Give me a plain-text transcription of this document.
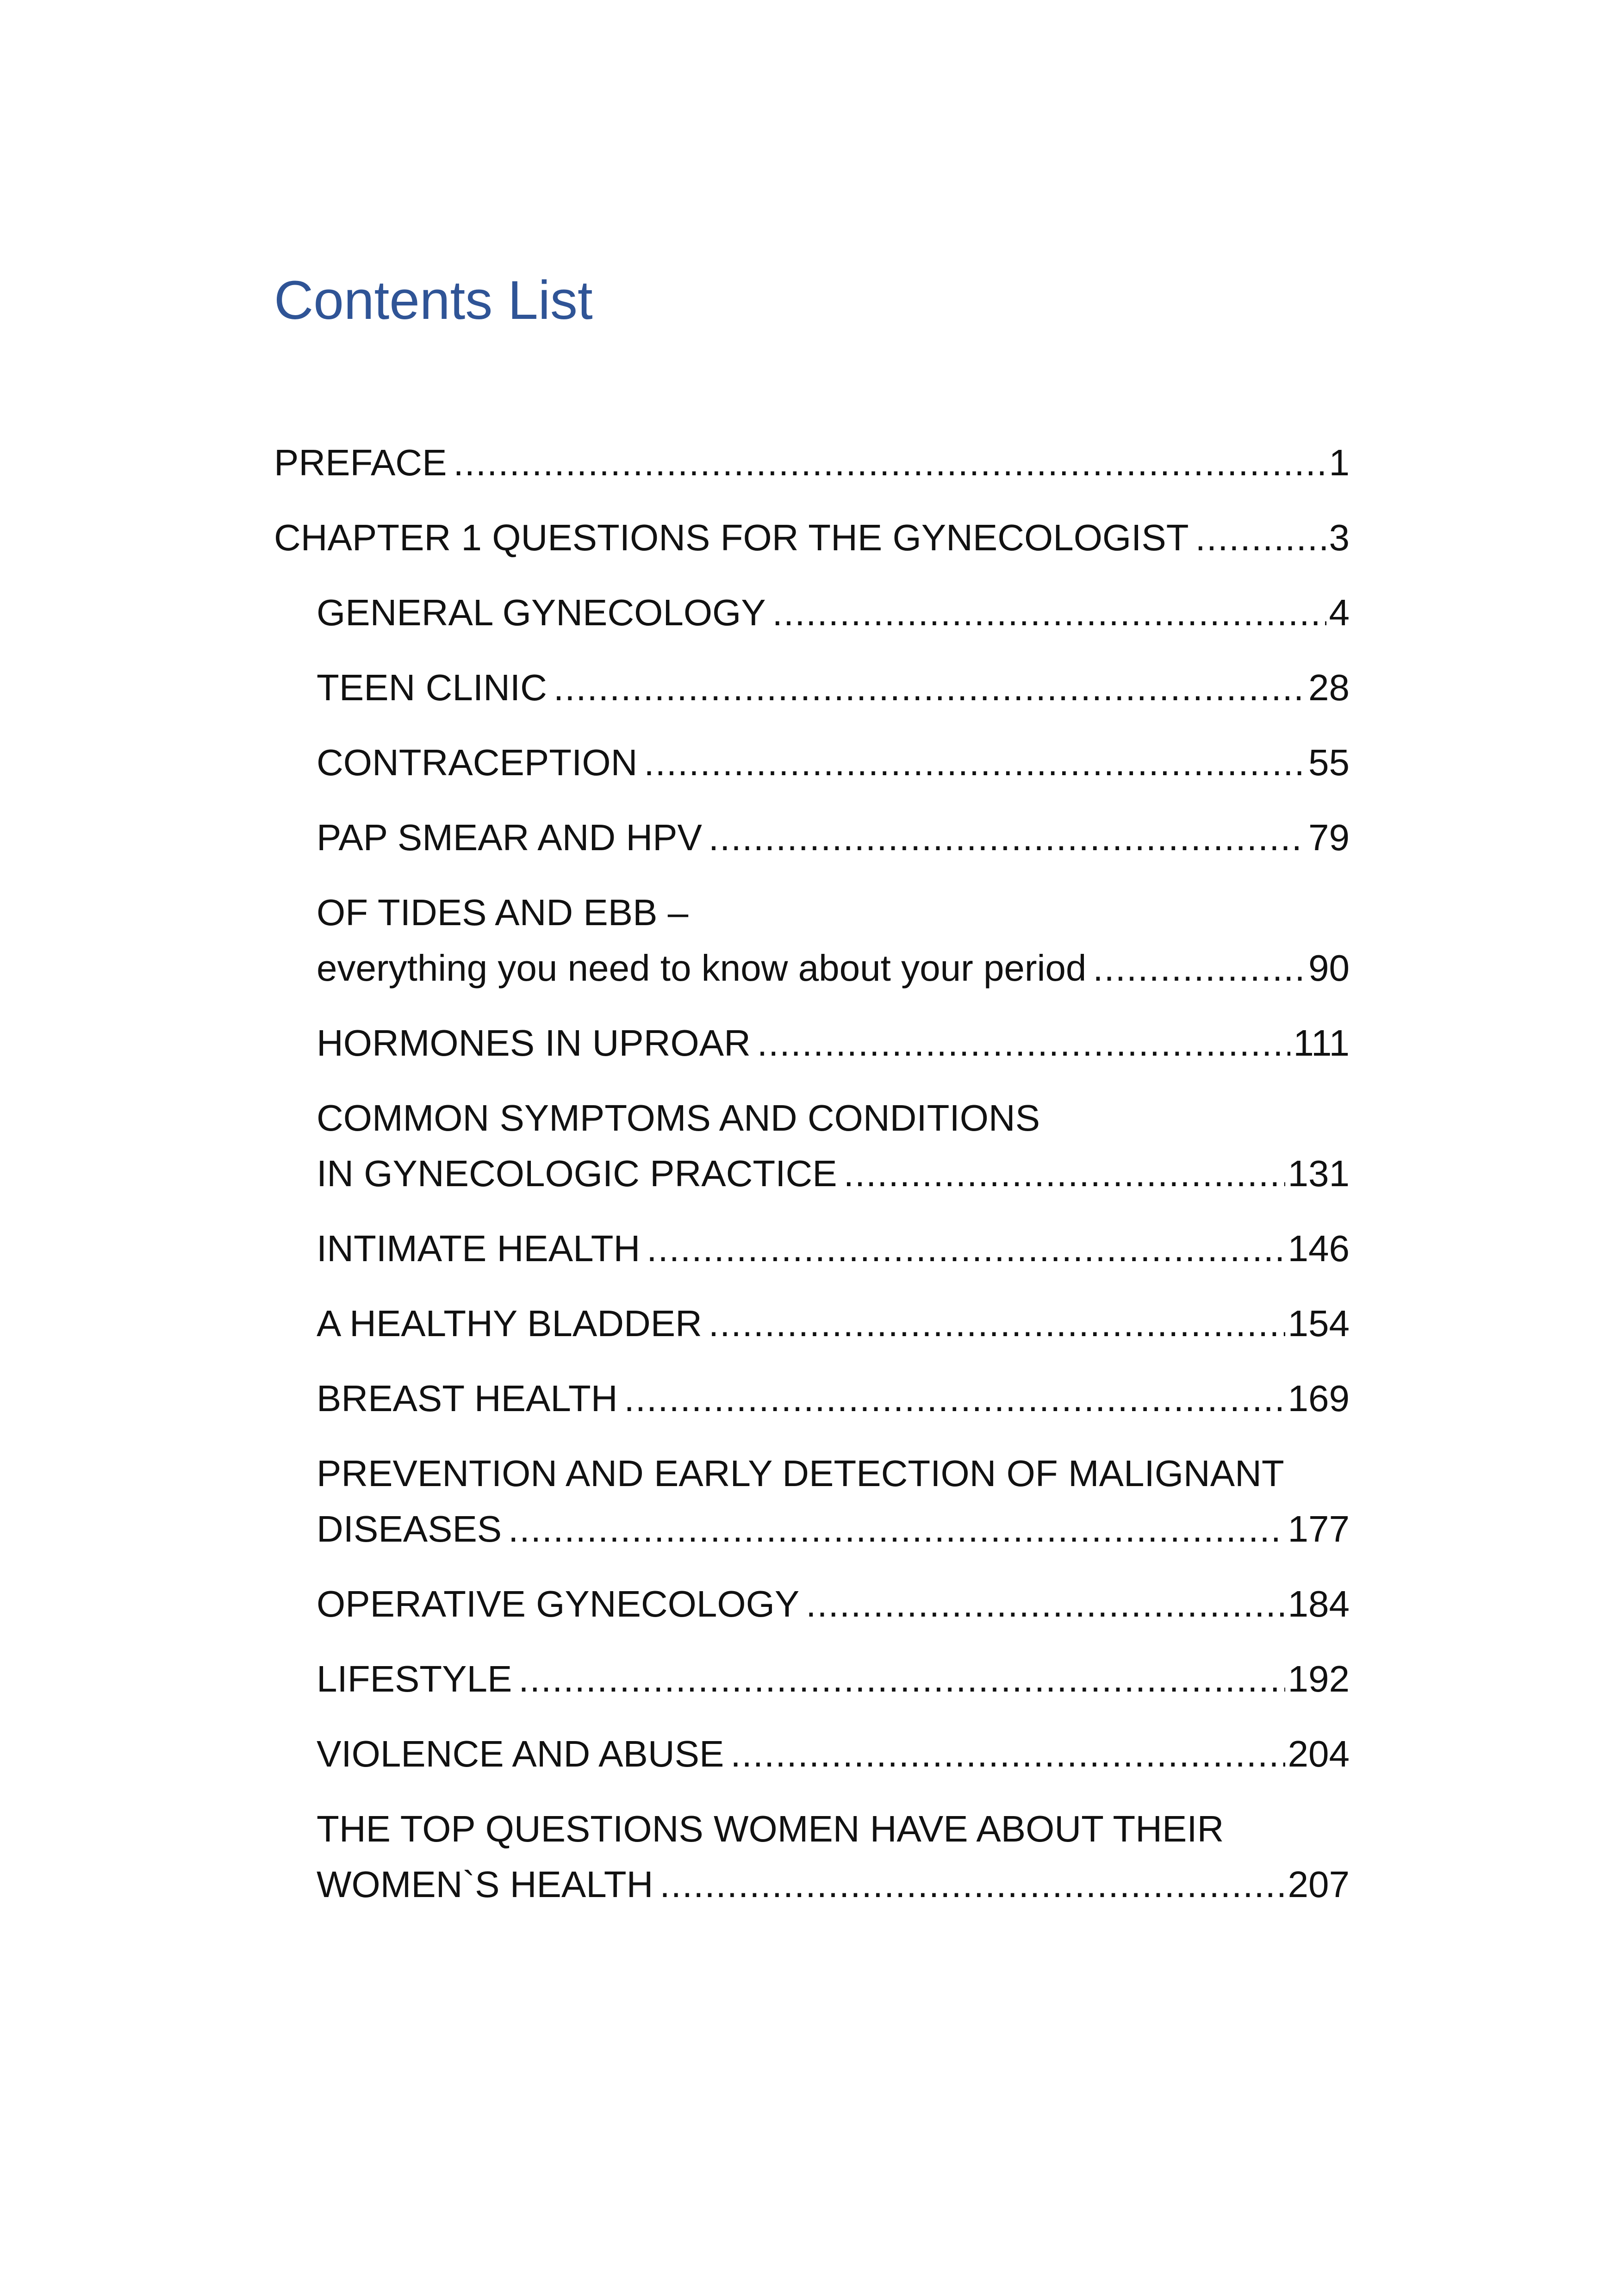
Contents List
PREFACE .....	1
CHAPTER 1 QUESTIONS FOR THE GYNECOLOGIST .....	3
GENERAL GYNECOLOGY .....	4
TEEN CLINIC .....	28
CONTRACEPTION .....	55
PAP SMEAR AND HPV .....	79
OF TIDES AND EBB –
everything you need to know about your period .....	90
HORMONES IN UPROAR .....	111
COMMON SYMPTOMS AND CONDITIONS
IN GYNECOLOGIC PRACTICE .....	131
INTIMATE HEALTH .....	146
A HEALTHY BLADDER .....	154
BREAST HEALTH .....	169
PREVENTION AND EARLY DETECTION OF MALIGNANT
DISEASES .....	177
OPERATIVE GYNECOLOGY .....	184
LIFESTYLE .....	192
VIOLENCE AND ABUSE .....	204
THE TOP QUESTIONS WOMEN HAVE ABOUT THEIR
WOMEN`S HEALTH .....	207
